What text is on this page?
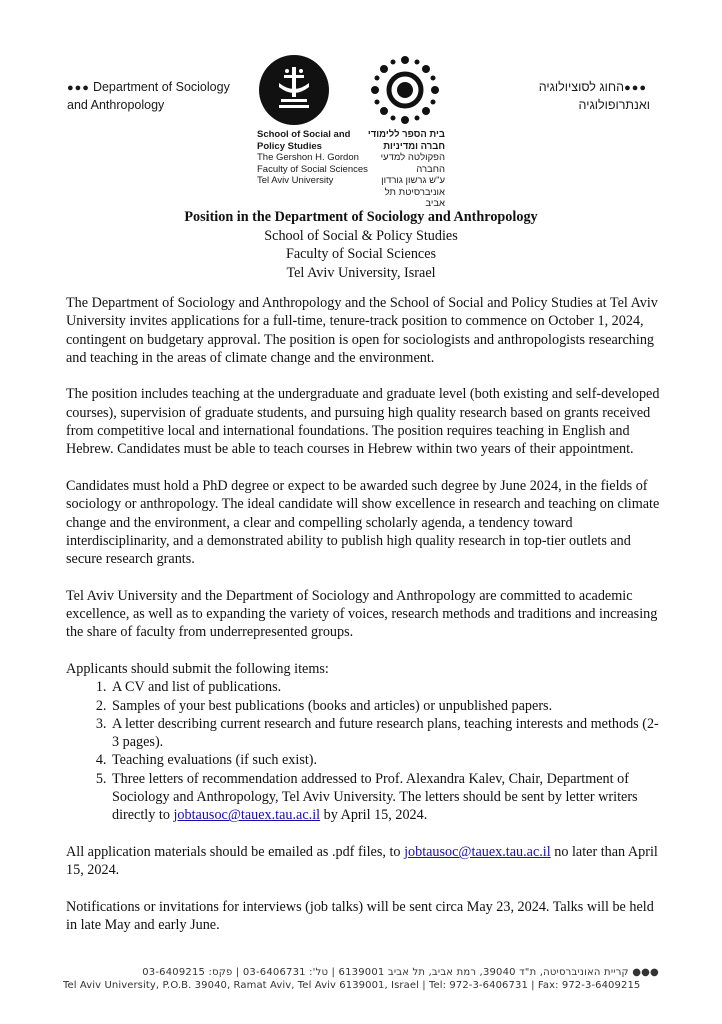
●●● Department of Sociology
and Anthropology
●●●החוג לסוציולוגיה
ואנתרופולוגיה
School of Social and
Policy Studies
The Gershon H. Gordon
Faculty of Social Sciences
Tel Aviv University
בית הספר ללימודי
חברה ומדיניות
הפקולטה למדעי החברה
ע"ש גרשון גורדון
אוניברסיטת תל אביב
Position in the Department of Sociology and Anthropology
School of Social & Policy Studies
Faculty of Social Sciences
Tel Aviv University, Israel

The Department of Sociology and Anthropology and the School of Social and Policy Studies at Tel Aviv University invites applications for a full-time, tenure-track position to commence on October 1, 2024, contingent on budgetary approval. The position is open for sociologists and anthropologists researching and teaching in the areas of climate change and the environment.

The position includes teaching at the undergraduate and graduate level (both existing and self-developed courses), supervision of graduate students, and pursuing high quality research based on grants received from competitive local and international foundations. The position requires teaching in English and Hebrew. Candidates must be able to teach courses in Hebrew within two years of their appointment.

Candidates must hold a PhD degree or expect to be awarded such degree by June 2024, in the fields of sociology or anthropology. The ideal candidate will show excellence in research and teaching on climate change and the environment, a clear and compelling scholarly agenda, a tendency toward interdisciplinarity, and a demonstrated ability to publish high quality research in top-tier outlets and secure research grants.

Tel Aviv University and the Department of Sociology and Anthropology are committed to academic excellence, as well as to expanding the variety of voices, research methods and traditions and increasing the share of faculty from underrepresented groups.

Applicants should submit the following items:
1. A CV and list of publications.
2. Samples of your best publications (books and articles) or unpublished papers.
3. A letter describing current research and future research plans, teaching interests and methods (2-3 pages).
4. Teaching evaluations (if such exist).
5. Three letters of recommendation addressed to Prof. Alexandra Kalev, Chair, Department of Sociology and Anthropology, Tel Aviv University. The letters should be sent by letter writers directly to jobtausoc@tauex.tau.ac.il by April 15, 2024.

All application materials should be emailed as .pdf files, to jobtausoc@tauex.tau.ac.il no later than April 15, 2024.

Notifications or invitations for interviews (job talks) will be sent circa May 23, 2024. Talks will be held in late May and early June.

●●● קריית האוניברסיטה, ת"ד 39040, רמת אביב, תל אביב 6139001 | טל': 03-6406731 | פקס: 03-6409215
Tel Aviv University, P.O.B. 39040, Ramat Aviv, Tel Aviv 6139001, Israel | Tel: 972-3-6406731 | Fax: 972-3-6409215
